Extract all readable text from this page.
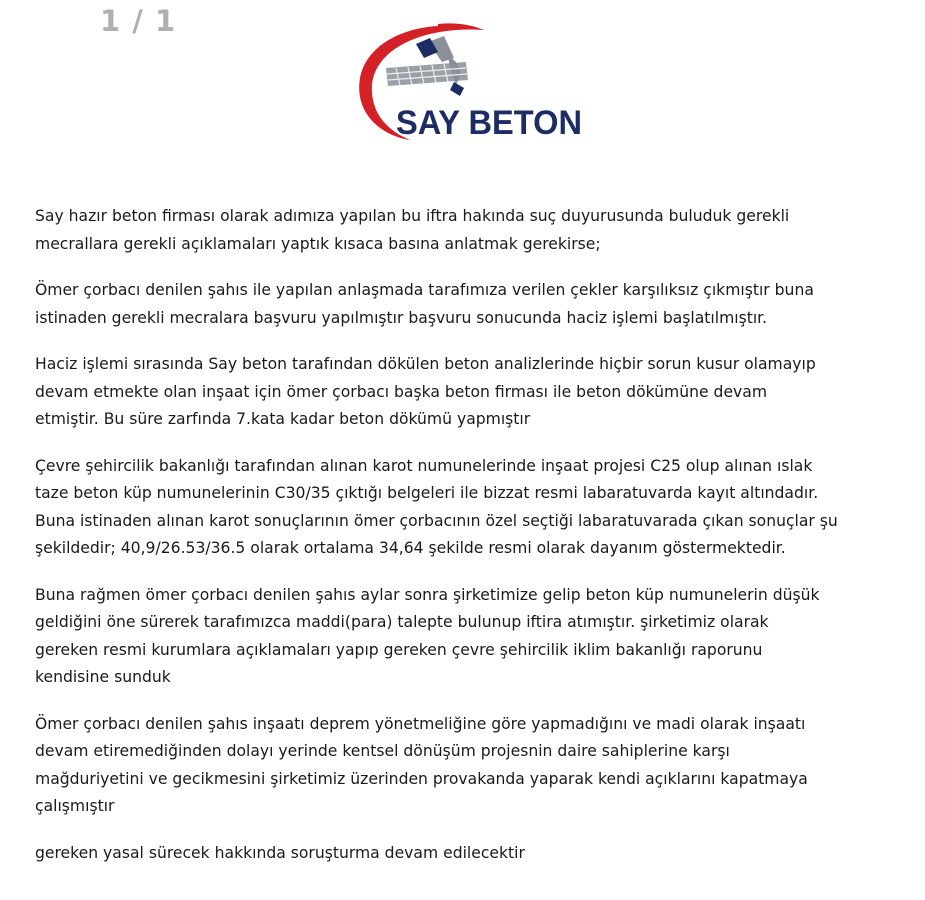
1 / 1
SAY BETON

Say hazır beton firması olarak adımıza yapılan bu iftra hakında suç duyurusunda buluduk gerekli
mecrallara gerekli açıklamaları yaptık kısaca basına anlatmak gerekirse;

Ömer çorbacı denilen şahıs ile yapılan anlaşmada tarafımıza verilen çekler karşılıksız çıkmıştır buna
istinaden gerekli mecralara başvuru yapılmıştır başvuru sonucunda haciz işlemi başlatılmıştır.

Haciz işlemi sırasında Say beton tarafından dökülen beton analizlerinde hiçbir sorun kusur olamayıp
devam etmekte olan inşaat için ömer çorbacı başka beton firması ile beton dökümüne devam
etmiştir. Bu süre zarfında 7.kata kadar beton dökümü yapmıştır

Çevre şehircilik bakanlığı tarafından alınan karot numunelerinde inşaat projesi C25 olup alınan ıslak
taze beton küp numunelerinin C30/35 çıktığı belgeleri ile bizzat resmi labaratuvarda kayıt altındadır.
Buna istinaden alınan karot sonuçlarının ömer çorbacının özel seçtiği labaratuvarada çıkan sonuçlar şu
şekildedir; 40,9/26.53/36.5 olarak ortalama 34,64 şekilde resmi olarak dayanım göstermektedir.

Buna rağmen ömer çorbacı denilen şahıs aylar sonra şirketimize gelip beton küp numunelerin düşük
geldiğini öne sürerek tarafımızca maddi(para) talepte bulunup iftira atımıştır. şirketimiz olarak
gereken resmi kurumlara açıklamaları yapıp gereken çevre şehircilik iklim bakanlığı raporunu
kendisine sunduk

Ömer çorbacı denilen şahıs inşaatı deprem yönetmeliğine göre yapmadığını ve madi olarak inşaatı
devam etiremediğinden dolayı yerinde kentsel dönüşüm projesnin daire sahiplerine karşı
mağduriyetini ve gecikmesini şirketimiz üzerinden provakanda yaparak kendi açıklarını kapatmaya
çalışmıştır

gereken yasal sürecek hakkında soruşturma devam edilecektir
